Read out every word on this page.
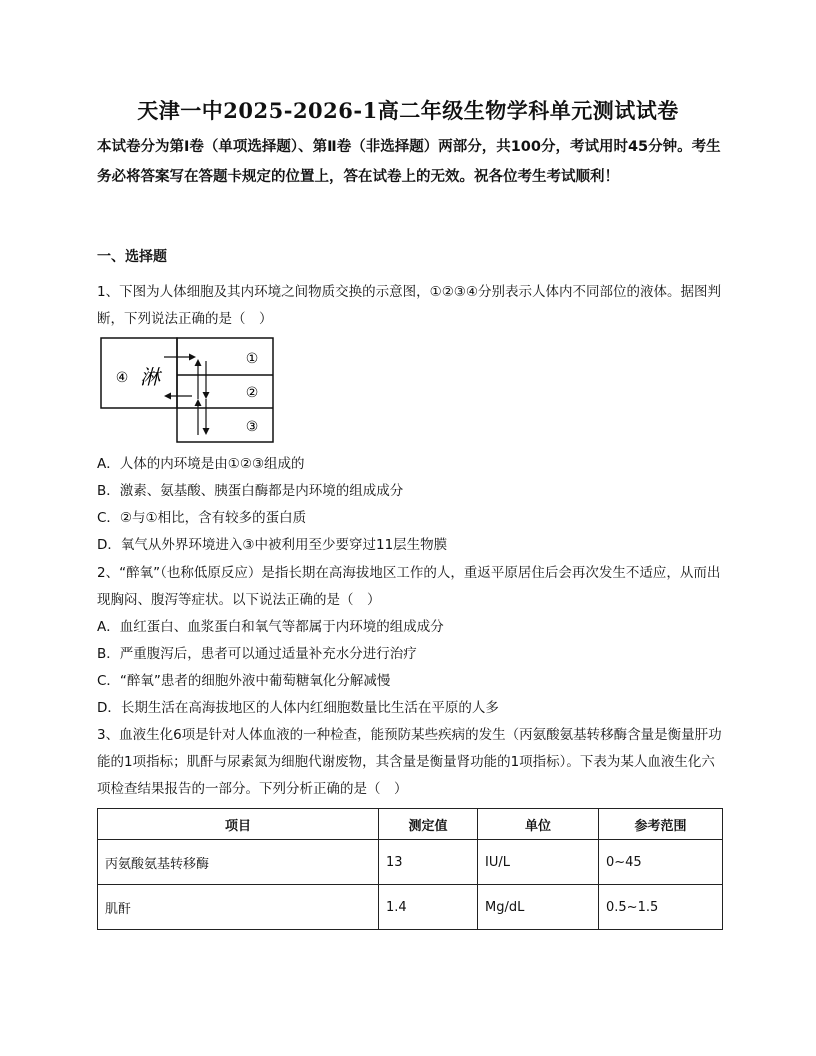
天津一中2025-2026-1高二年级生物学科单元测试试卷
本试卷分为第Ⅰ卷（单项选择题）、第Ⅱ卷（非选择题）两部分，共100分，考试用时45分钟。考生务必将答案写在答题卡规定的位置上，答在试卷上的无效。祝各位考生考试顺利！
一、选择题
1、下图为人体细胞及其内环境之间物质交换的示意图，①②③④分别表示人体内不同部位的液体。据图判断，下列说法正确的是（　）
①
②
③
④ 淋
A．人体的内环境是由①②③组成的
B．激素、氨基酸、胰蛋白酶都是内环境的组成成分
C．②与①相比，含有较多的蛋白质
D．氧气从外界环境进入③中被利用至少要穿过11层生物膜
2、“醉氧”（也称低原反应）是指长期在高海拔地区工作的人，重返平原居住后会再次发生不适应，从而出现胸闷、腹泻等症状。以下说法正确的是（　）
A．血红蛋白、血浆蛋白和氧气等都属于内环境的组成成分
B．严重腹泻后，患者可以通过适量补充水分进行治疗
C．“醉氧”患者的细胞外液中葡萄糖氧化分解减慢
D．长期生活在高海拔地区的人体内红细胞数量比生活在平原的人多
3、血液生化6项是针对人体血液的一种检查，能预防某些疾病的发生（丙氨酸氨基转移酶含量是衡量肝功能的1项指标；肌酐与尿素氮为细胞代谢废物，其含量是衡量肾功能的1项指标）。下表为某人血液生化六项检查结果报告的一部分。下列分析正确的是（　）
项目	测定值	单位	参考范围
丙氨酸氨基转移酶	13	IU/L	0~45
肌酐	1.4	Mg/dL	0.5~1.5
